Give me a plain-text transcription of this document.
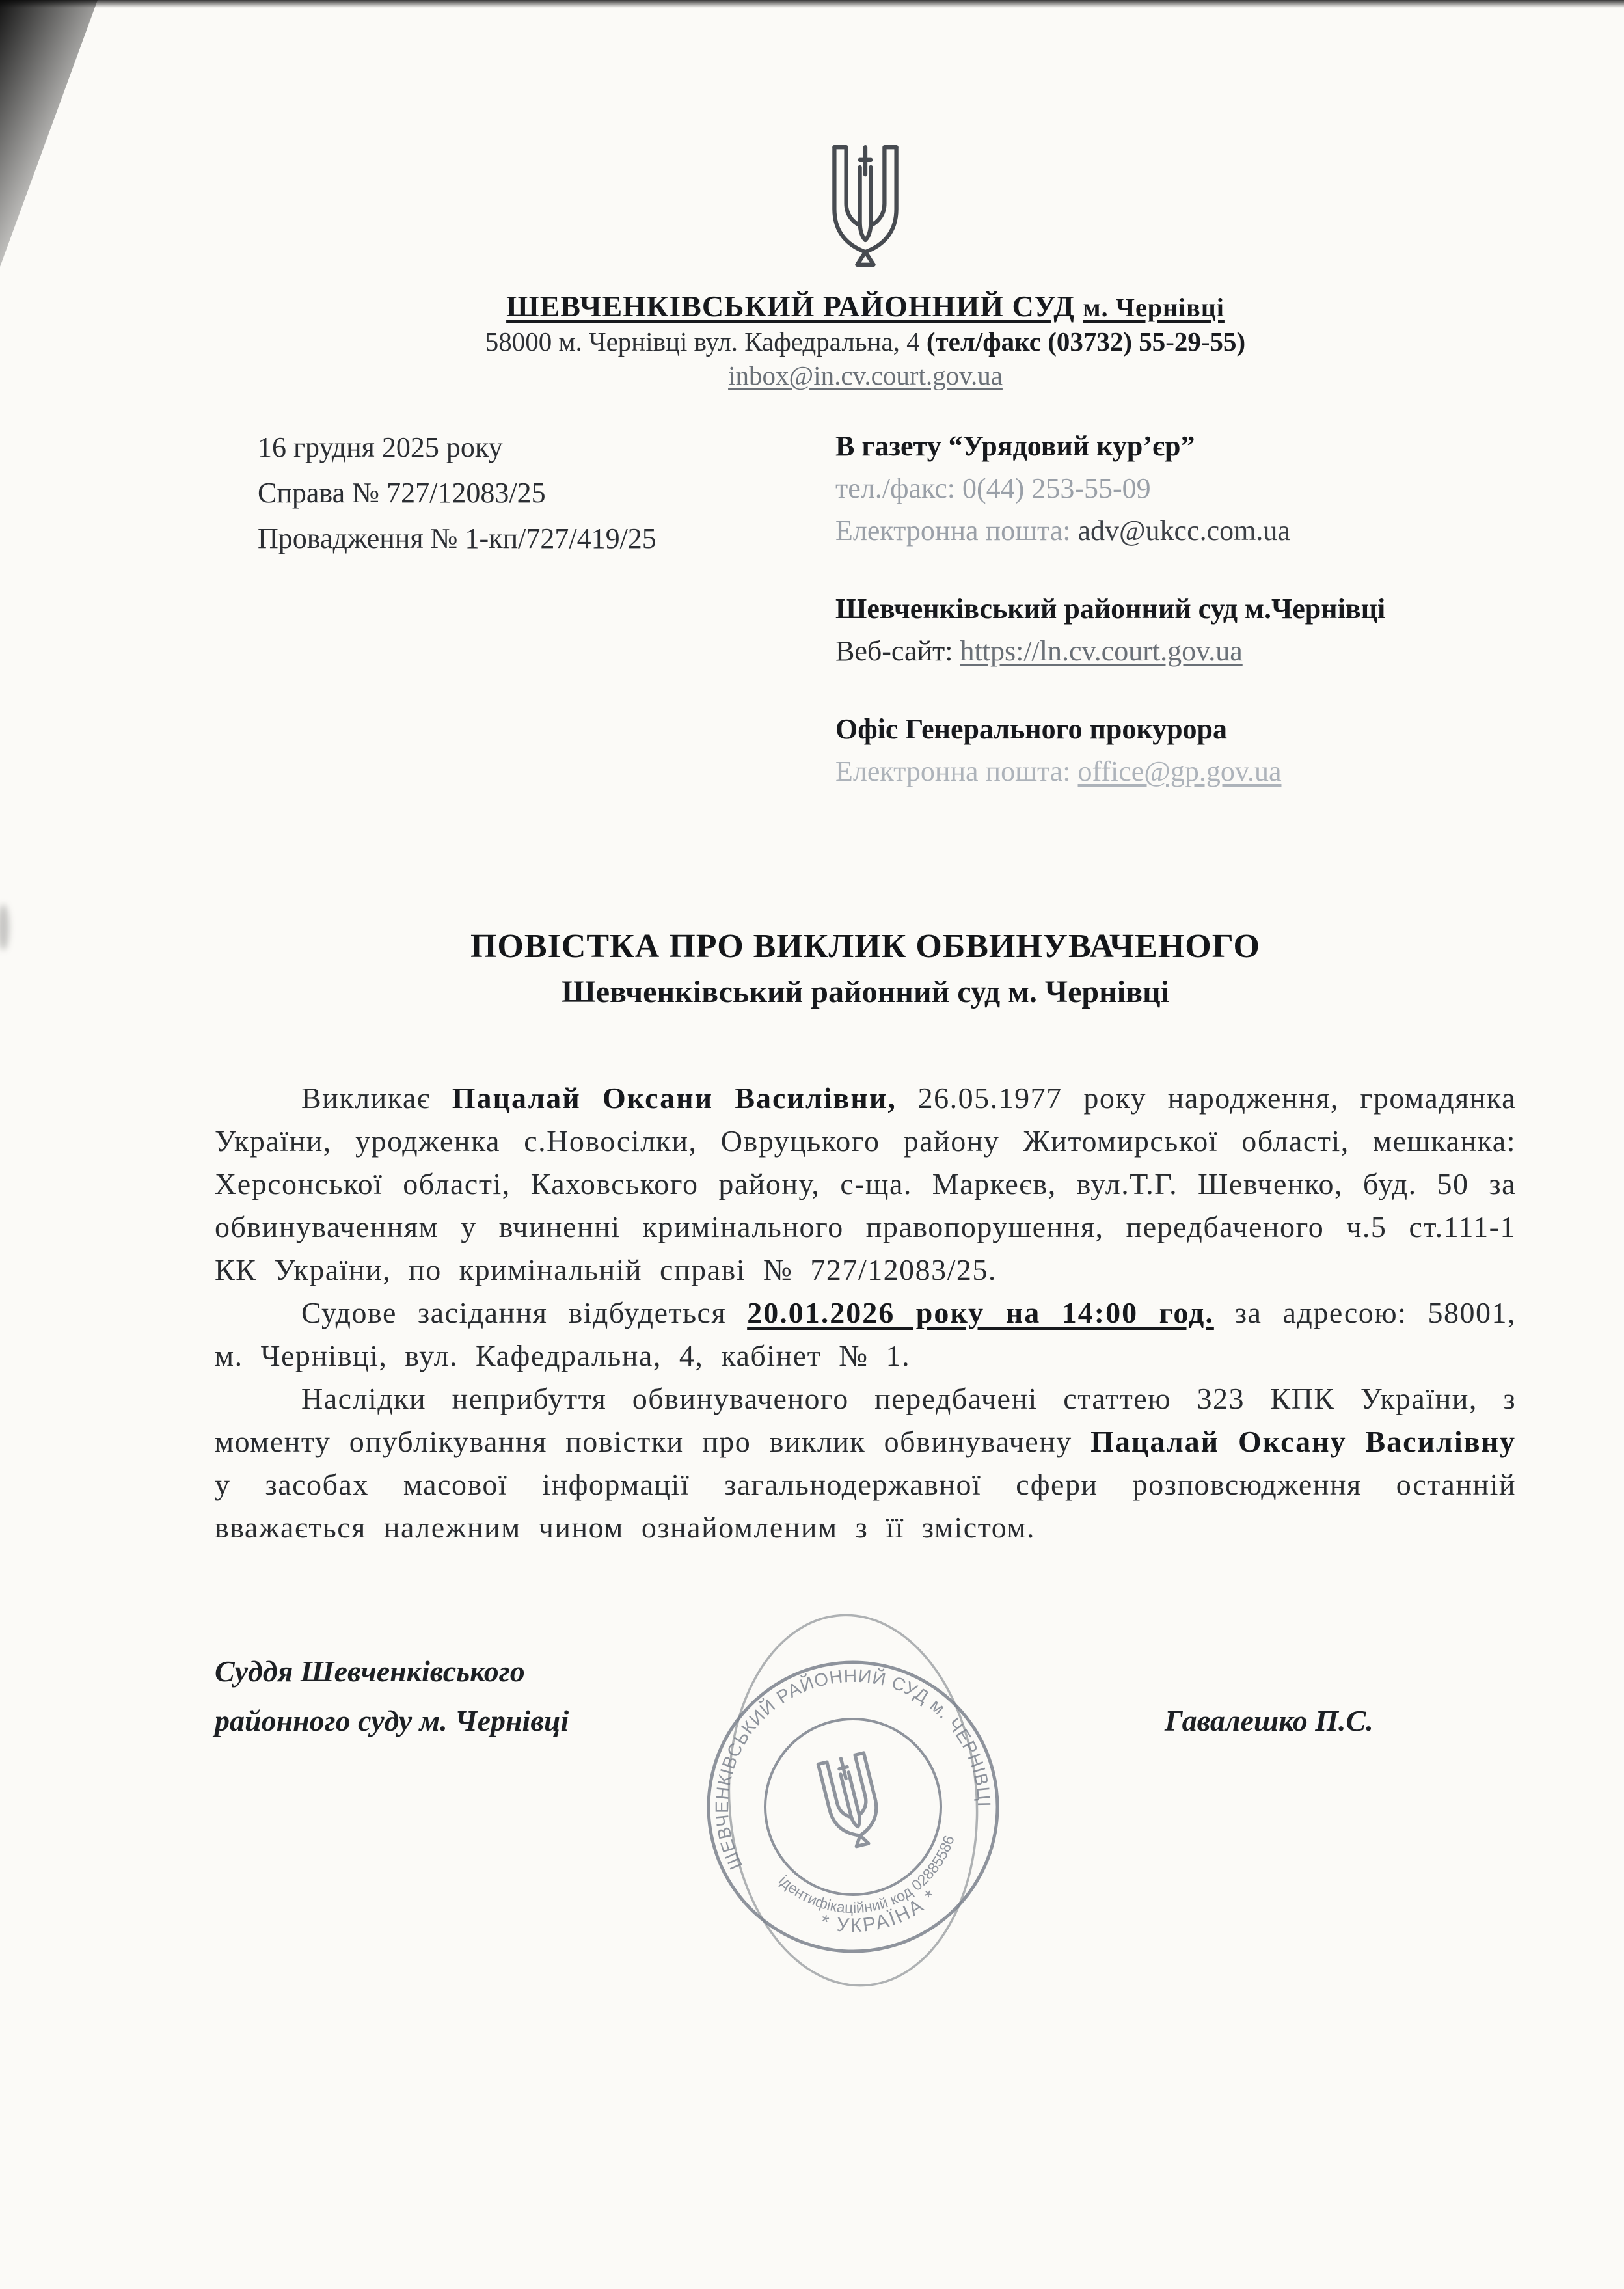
ШЕВЧЕНКІВСЬКИЙ РАЙОННИЙ СУД м. Чернівці
58000 м. Чернівці вул. Кафедральна, 4 (тел/факс (03732) 55-29-55)
inbox@in.cv.court.gov.ua
16 грудня 2025 року
Справа № 727/12083/25
Провадження № 1-кп/727/419/25
В газету “Урядовий кур’єр”
тел./факс: 0(44) 253-55-09
Електронна пошта: adv@ukcc.com.ua
Шевченківський районний суд м.Чернівці
Веб-сайт: https://ln.cv.court.gov.ua
Офіс Генерального прокурора
Електронна пошта: office@gp.gov.ua
ПОВІСТКА ПРО ВИКЛИК ОБВИНУВАЧЕНОГО
Шевченківський районний суд м. Чернівці

Викликає Пацалай Оксани Василівни, 26.05.1977 року народження, громадянка України, уродженка с.Новосілки, Овруцького району Житомирської області, мешканка: Херсонської області, Каховського району, с-ща. Маркеєв, вул.Т.Г. Шевченко, буд. 50 за обвинуваченням у вчиненні кримінального правопорушення, передбаченого ч.5 ст.111-1 КК України, по кримінальній справі № 727/12083/25.

Судове засідання відбудеться 20.01.2026 року на 14:00 год. за адресою: 58001, м. Чернівці, вул. Кафедральна, 4, кабінет № 1.

Наслідки неприбуття обвинуваченого передбачені статтею 323 КПК України, з моменту опублікування повістки про виклик обвинувачену Пацалай Оксану Василівну у засобах масової інформації загальнодержавної сфери розповсюдження останній вважається належним чином ознайомленим з її змістом.

Суддя Шевченківського
районного суду м. Чернівці	Гавалешко П.С.
ШЕВЧЕНКІВСЬКИЙ РАЙОННИЙ СУД м. ЧЕРНІВЦІ
ідентифікаційний код 02885586
* УКРАЇНА *
